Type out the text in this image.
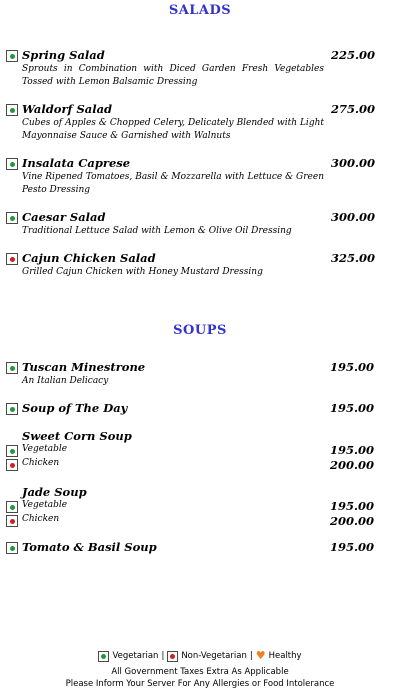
SALADS
Spring Salad	225.00
Sprouts in Combination with Diced Garden Fresh Vegetables Tossed with Lemon Balsamic Dressing
Waldorf Salad	275.00
Cubes of Apples & Chopped Celery, Delicately Blended with Light Mayonnaise Sauce & Garnished with Walnuts
Insalata Caprese	300.00
Vine Ripened Tomatoes, Basil & Mozzarella with Lettuce & Green Pesto Dressing
Caesar Salad	300.00
Traditional Lettuce Salad with Lemon & Olive Oil Dressing
Cajun Chicken Salad	325.00
Grilled Cajun Chicken with Honey Mustard Dressing
SOUPS
Tuscan Minestrone	195.00
An Italian Delicacy
Soup of The Day	195.00
Sweet Corn Soup
Vegetable	195.00
Chicken	200.00
Jade Soup
Vegetable	195.00
Chicken	200.00
Tomato & Basil Soup	195.00
Vegetarian | Non-Vegetarian | ♥ Healthy
All Government Taxes Extra As Applicable
Please Inform Your Server For Any Allergies or Food Intolerance
